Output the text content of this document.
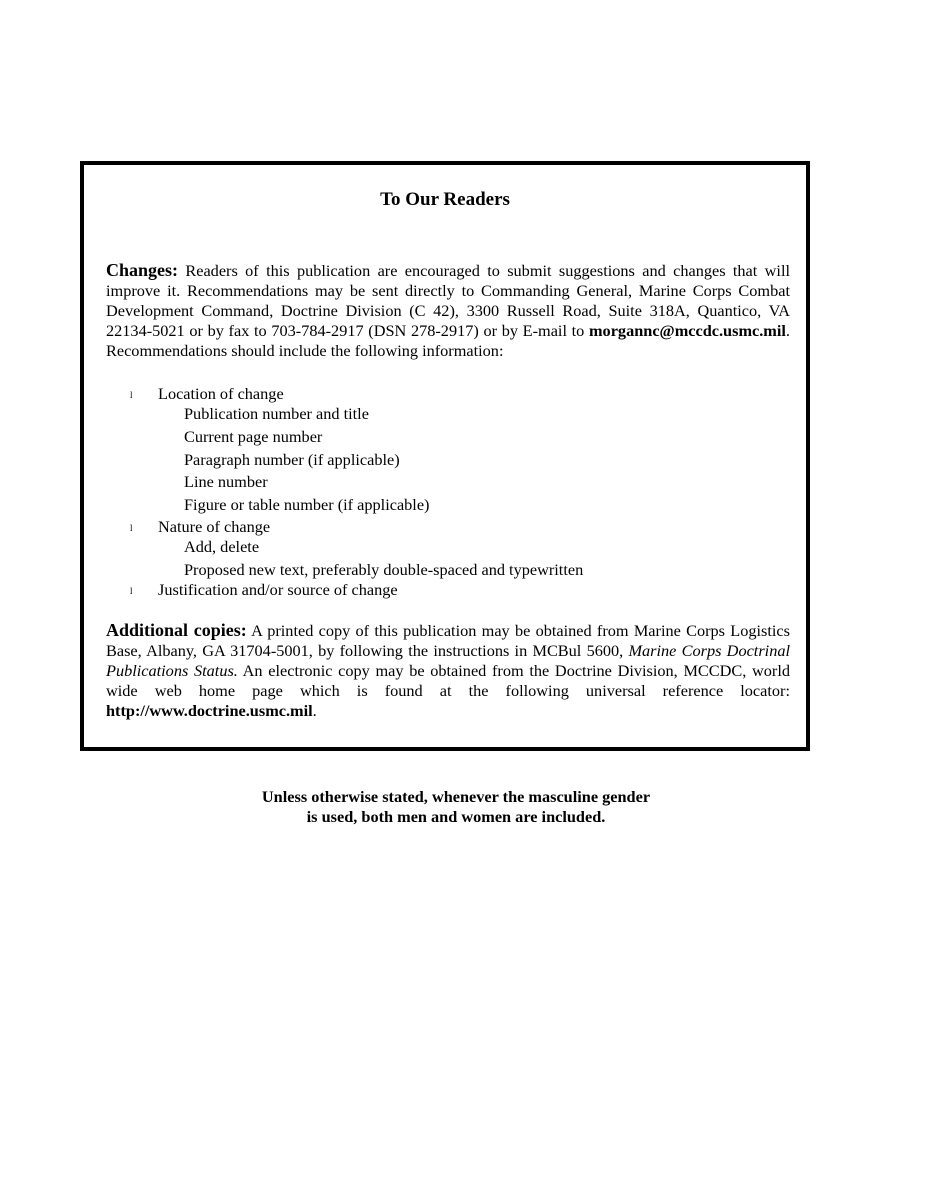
To Our Readers
Changes: Readers of this publication are encouraged to submit suggestions and changes that will improve it. Recommendations may be sent directly to Commanding General, Marine Corps Combat Development Command, Doctrine Division (C 42), 3300 Russell Road, Suite 318A, Quantico, VA 22134-5021 or by fax to 703-784-2917 (DSN 278-2917) or by E-mail to morgannc@mccdc.usmc.mil. Recommendations should include the following information:
l Location of change
Publication number and title
Current page number
Paragraph number (if applicable)
Line number
Figure or table number (if applicable)
l Nature of change
Add, delete
Proposed new text, preferably double-spaced and typewritten
l Justification and/or source of change
Additional copies: A printed copy of this publication may be obtained from Marine Corps Logistics Base, Albany, GA 31704-5001, by following the instructions in MCBul 5600, Marine Corps Doctrinal Publications Status. An electronic copy may be obtained from the Doctrine Division, MCCDC, world wide web home page which is found at the following universal reference locator: http://www.doctrine.usmc.mil.
Unless otherwise stated, whenever the masculine gender
is used, both men and women are included.
